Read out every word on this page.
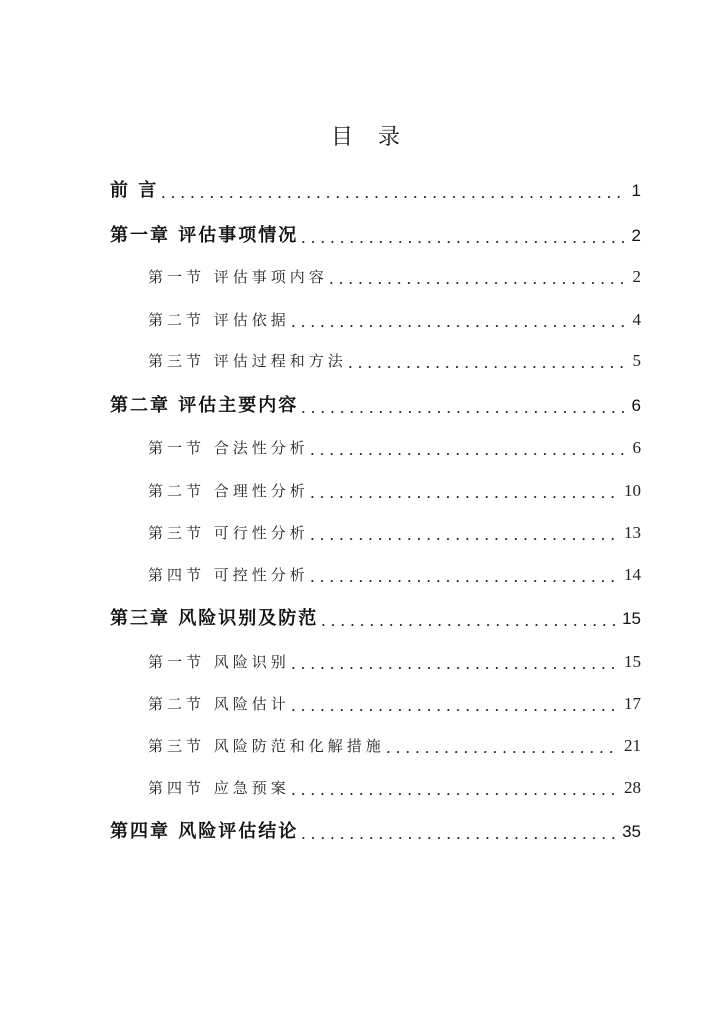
目 录
前 言	1
第一章 评估事项情况	2
第一节 评估事项内容	2
第二节 评估依据	4
第三节 评估过程和方法	5
第二章 评估主要内容	6
第一节 合法性分析	6
第二节 合理性分析	10
第三节 可行性分析	13
第四节 可控性分析	14
第三章 风险识别及防范	15
第一节 风险识别	15
第二节 风险估计	17
第三节 风险防范和化解措施	21
第四节 应急预案	28
第四章 风险评估结论	35
